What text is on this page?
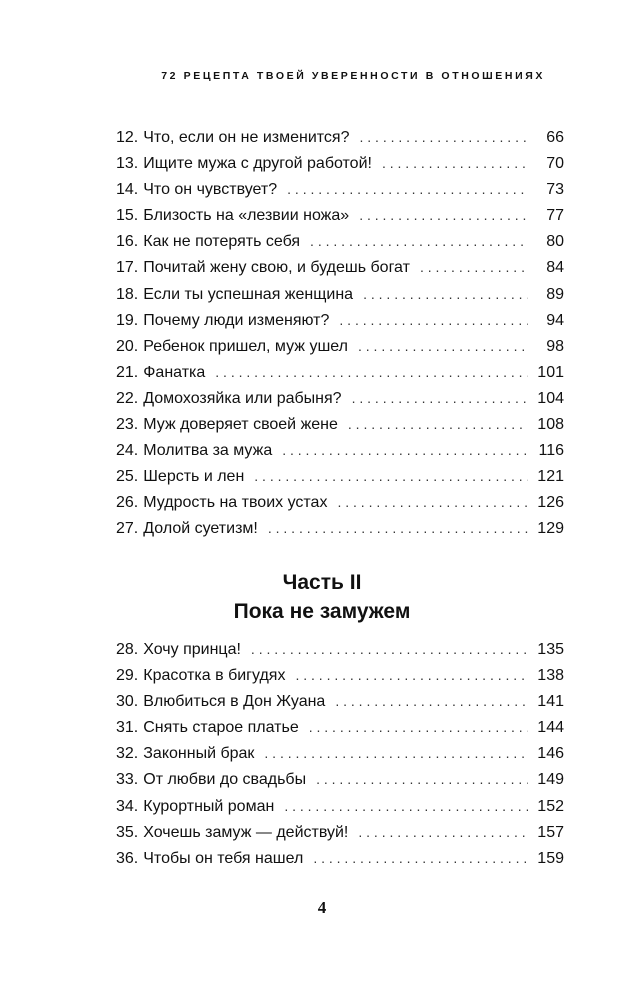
72 РЕЦЕПТА ТВОЕЙ УВЕРЕННОСТИ В ОТНОШЕНИЯХ
12. Что, если он не изменится? . . .	66
13. Ищите мужа с другой работой! . . .	70
14. Что он чувствует? . . .	73
15. Близость на «лезвии ножа» . . .	77
16. Как не потерять себя . . .	80
17. Почитай жену свою, и будешь богат . . .	84
18. Если ты успешная женщина . . .	89
19. Почему люди изменяют? . . .	94
20. Ребенок пришел, муж ушел . . .	98
21. Фанатка . . .	101
22. Домохозяйка или рабыня? . . .	104
23. Муж доверяет своей жене . . .	108
24. Молитва за мужа . . .	116
25. Шерсть и лен . . .	121
26. Мудрость на твоих устах . . .	126
27. Долой суетизм! . . .	129
Часть II
Пока не замужем
28. Хочу принца! . . .	135
29. Красотка в бигудях . . .	138
30. Влюбиться в Дон Жуана . . .	141
31. Снять старое платье . . .	144
32. Законный брак . . .	146
33. От любви до свадьбы . . .	149
34. Курортный роман . . .	152
35. Хочешь замуж — действуй! . . .	157
36. Чтобы он тебя нашел . . .	159
4
